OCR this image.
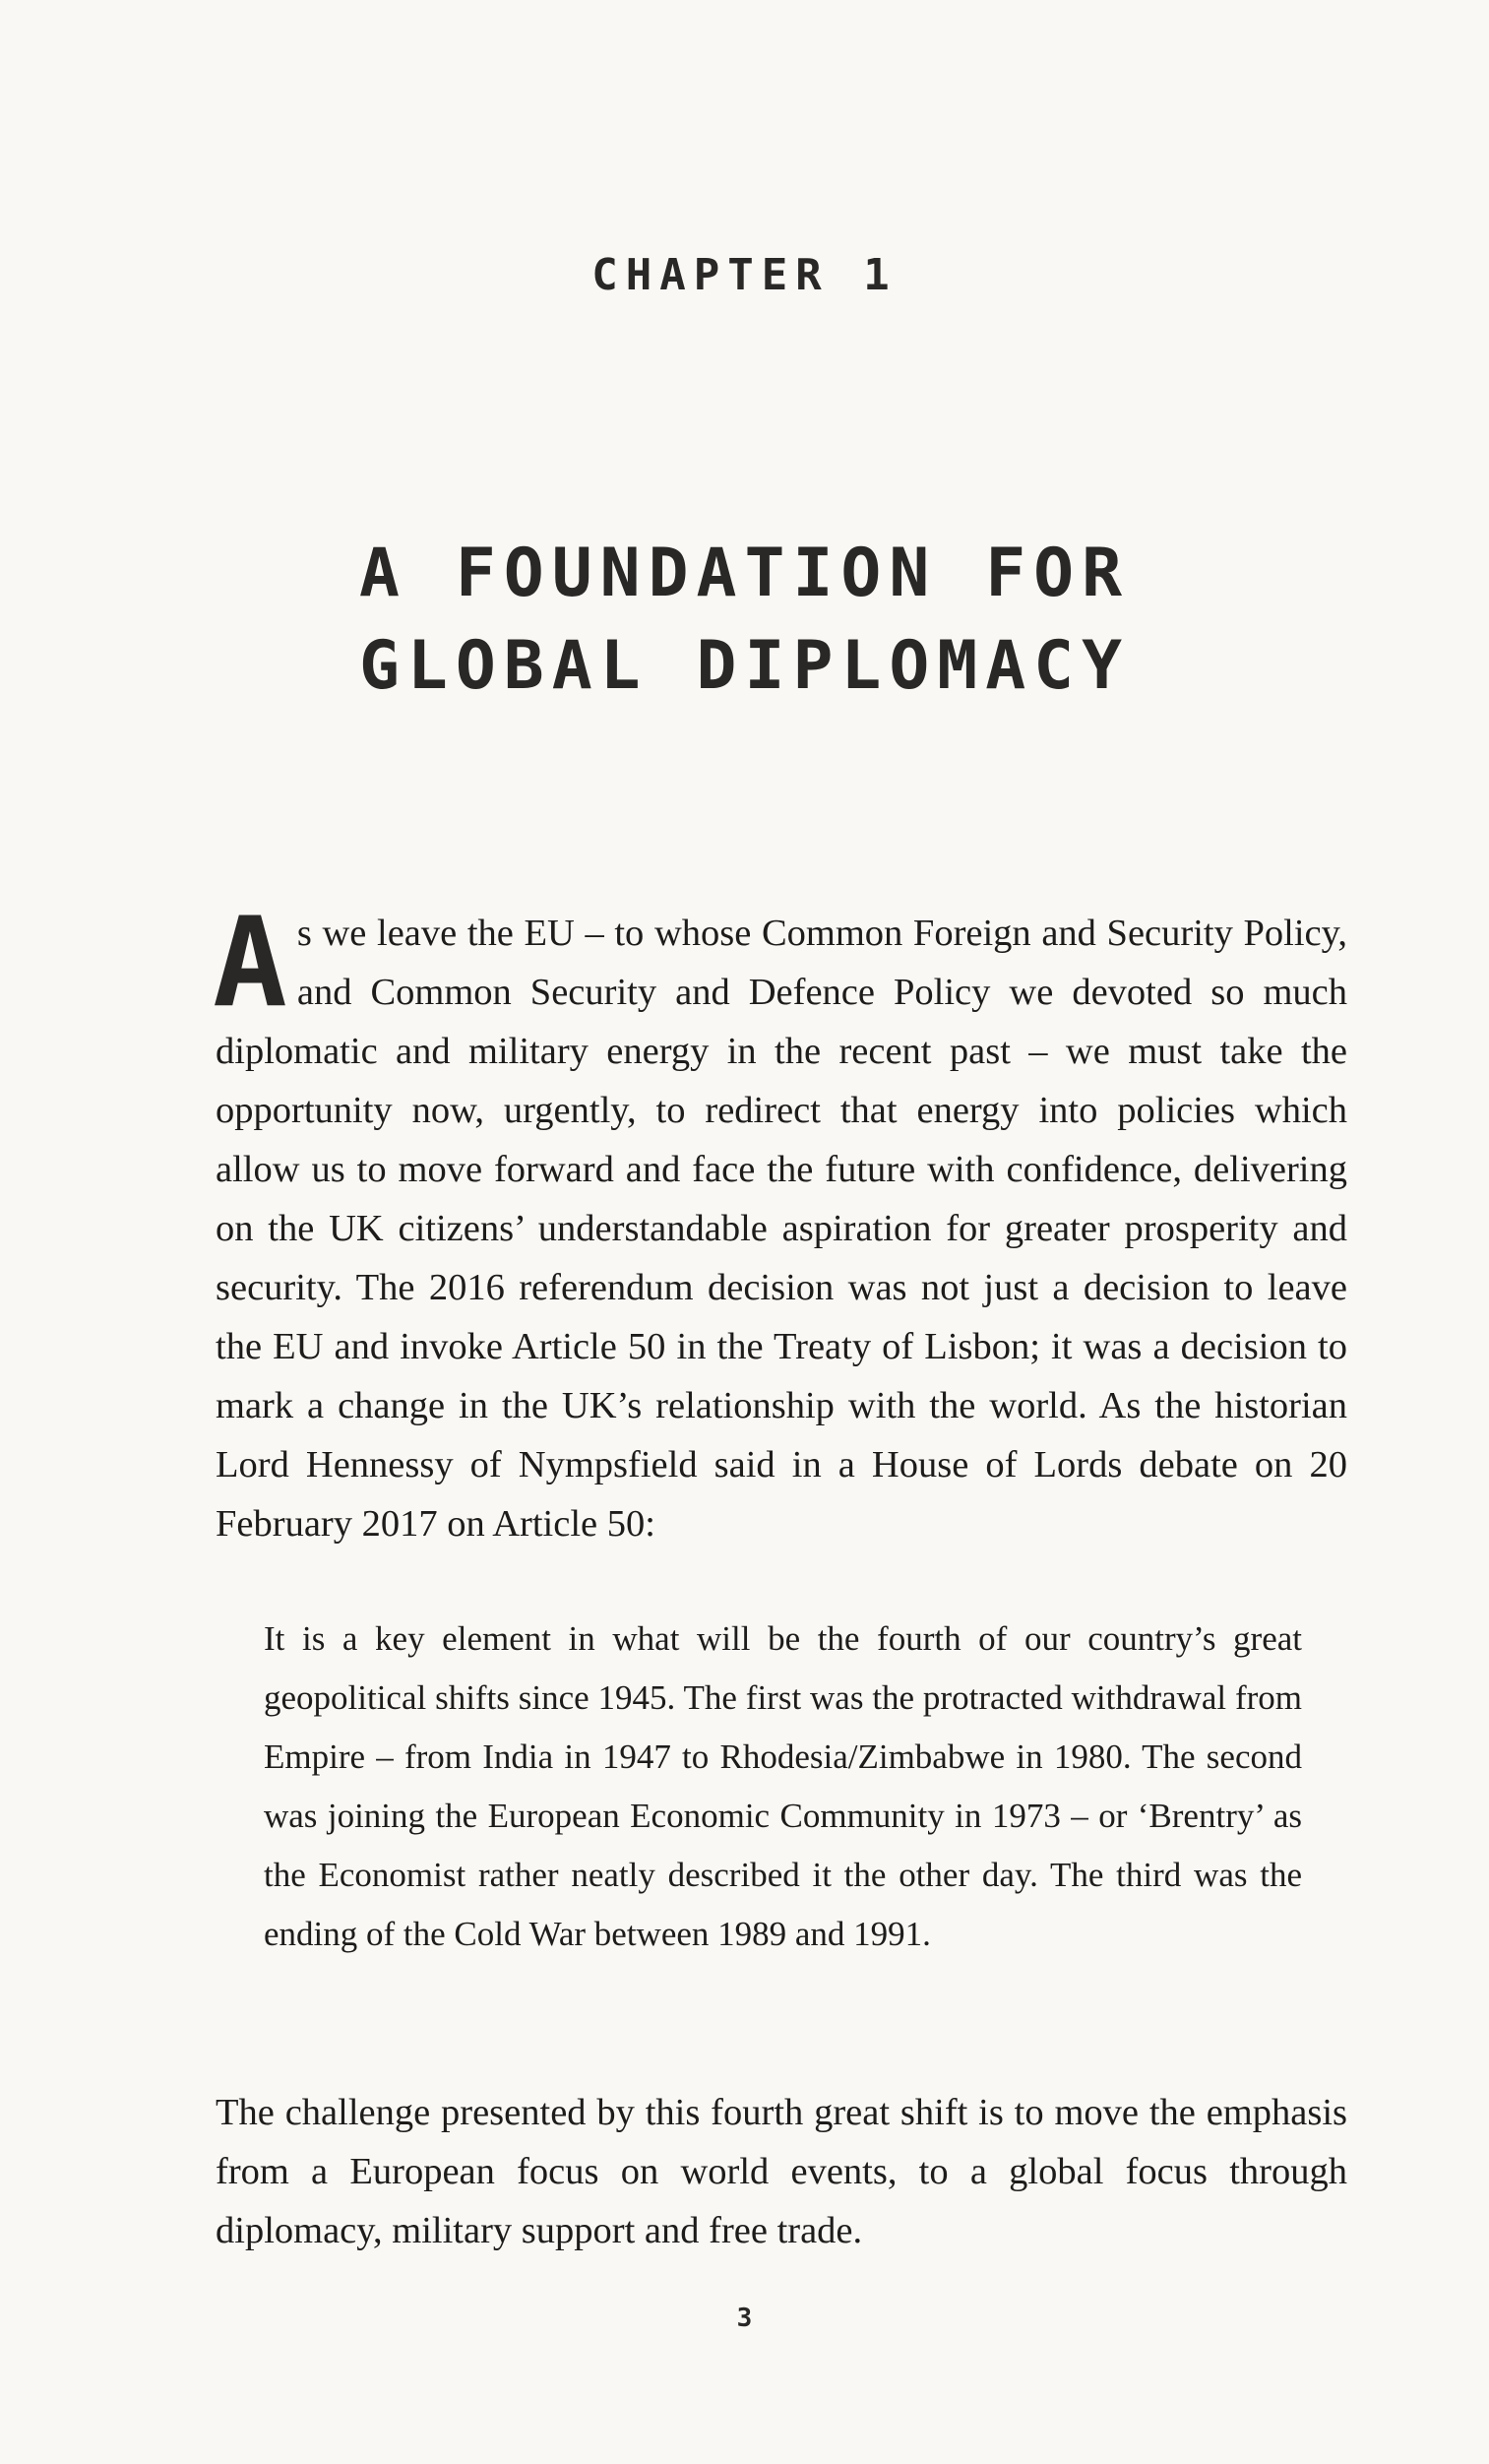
CHAPTER 1
A FOUNDATION FOR
GLOBAL DIPLOMACY

As we leave the EU – to whose Common Foreign and Security Policy, and Common Security and Defence Policy we devoted so much diplomatic and military energy in the recent past – we must take the opportunity now, urgently, to redirect that energy into policies which allow us to move forward and face the future with confidence, delivering on the UK citizens’ understandable aspiration for greater prosperity and security. The 2016 referendum decision was not just a decision to leave the EU and invoke Article 50 in the Treaty of Lisbon; it was a decision to mark a change in the UK’s relationship with the world. As the historian Lord Hennessy of Nympsfield said in a House of Lords debate on 20 February 2017 on Article 50:

It is a key element in what will be the fourth of our country’s great geopolitical shifts since 1945. The first was the protracted withdrawal from Empire – from India in 1947 to Rhodesia/Zimbabwe in 1980. The second was joining the European Economic Community in 1973 – or ‘Brentry’ as the Economist rather neatly described it the other day. The third was the ending of the Cold War between 1989 and 1991.

The challenge presented by this fourth great shift is to move the emphasis from a European focus on world events, to a global focus through diplomacy, military support and free trade.

3
